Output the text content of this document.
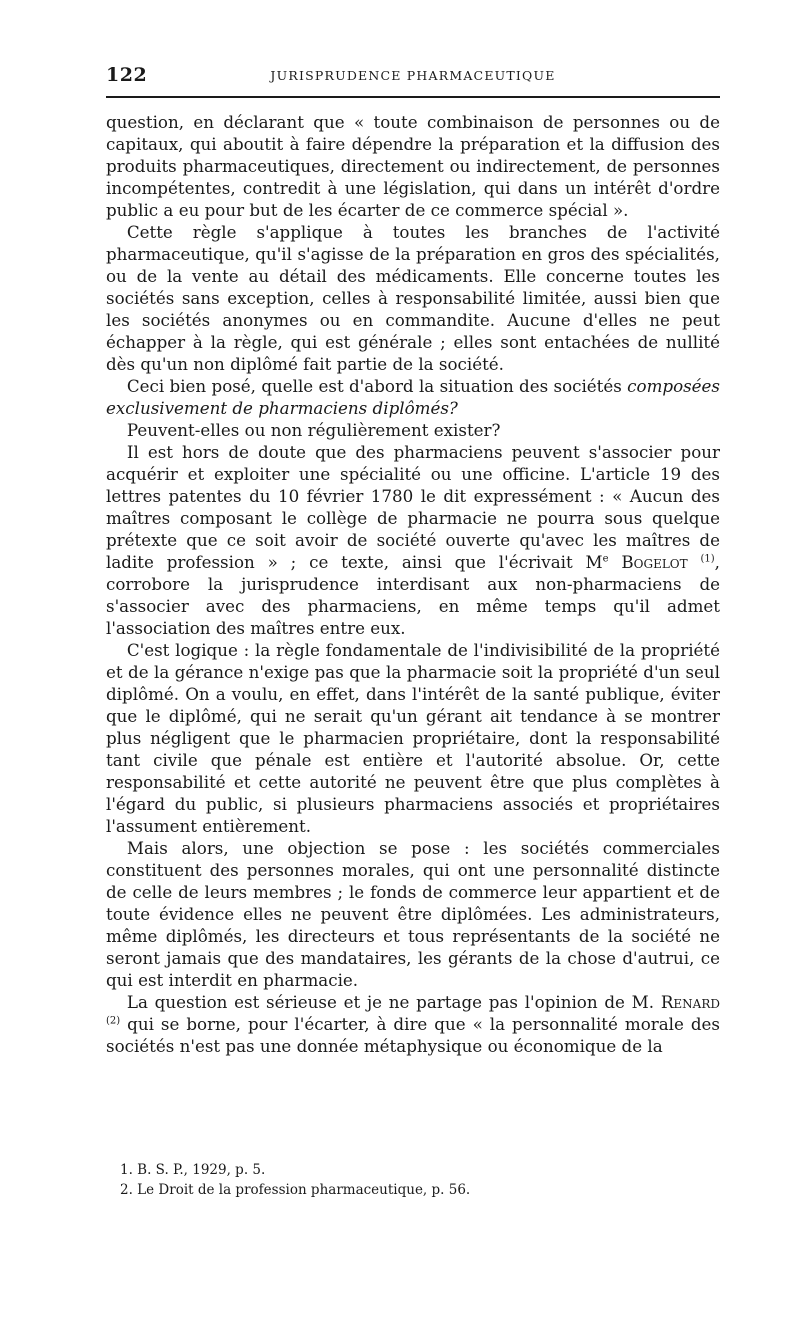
122	JURISPRUDENCE PHARMACEUTIQUE

question, en déclarant que « toute combinaison de personnes ou de capitaux, qui aboutit à faire dépendre la préparation et la diffusion des produits pharmaceutiques, directement ou indirectement, de personnes incompétentes, contredit à une législation, qui dans un intérêt d'ordre public a eu pour but de les écarter de ce commerce spécial ».

Cette règle s'applique à toutes les branches de l'activité pharmaceutique, qu'il s'agisse de la préparation en gros des spécialités, ou de la vente au détail des médicaments. Elle concerne toutes les sociétés sans exception, celles à responsabilité limitée, aussi bien que les sociétés anonymes ou en commandite. Aucune d'elles ne peut échapper à la règle, qui est générale ; elles sont entachées de nullité dès qu'un non diplômé fait partie de la société.

Ceci bien posé, quelle est d'abord la situation des sociétés composées exclusivement de pharmaciens diplômés?

Peuvent-elles ou non régulièrement exister?

Il est hors de doute que des pharmaciens peuvent s'associer pour acquérir et exploiter une spécialité ou une officine. L'article 19 des lettres patentes du 10 février 1780 le dit expressément : « Aucun des maîtres composant le collège de pharmacie ne pourra sous quelque prétexte que ce soit avoir de société ouverte qu'avec les maîtres de ladite profession » ; ce texte, ainsi que l'écrivait Me Bogelot $^{(1)}$, corrobore la jurisprudence interdisant aux non-pharmaciens de s'associer avec des pharmaciens, en même temps qu'il admet l'association des maîtres entre eux.

C'est logique : la règle fondamentale de l'indivisibilité de la propriété et de la gérance n'exige pas que la pharmacie soit la propriété d'un seul diplômé. On a voulu, en effet, dans l'intérêt de la santé publique, éviter que le diplômé, qui ne serait qu'un gérant ait tendance à se montrer plus négligent que le pharmacien propriétaire, dont la responsabilité tant civile que pénale est entière et l'autorité absolue. Or, cette responsabilité et cette autorité ne peuvent être que plus complètes à l'égard du public, si plusieurs pharmaciens associés et propriétaires l'assument entièrement.

Mais alors, une objection se pose : les sociétés commerciales constituent des personnes morales, qui ont une personnalité distincte de celle de leurs membres ; le fonds de commerce leur appartient et de toute évidence elles ne peuvent être diplômées. Les administrateurs, même diplômés, les directeurs et tous représentants de la société ne seront jamais que des mandataires, les gérants de la chose d'autrui, ce qui est interdit en pharmacie.

La question est sérieuse et je ne partage pas l'opinion de M. Renard $^{(2)}$ qui se borne, pour l'écarter, à dire que « la personnalité morale des sociétés n'est pas une donnée métaphysique ou économique de la

1. B. S. P., 1929, p. 5.
2. Le Droit de la profession pharmaceutique, p. 56.
